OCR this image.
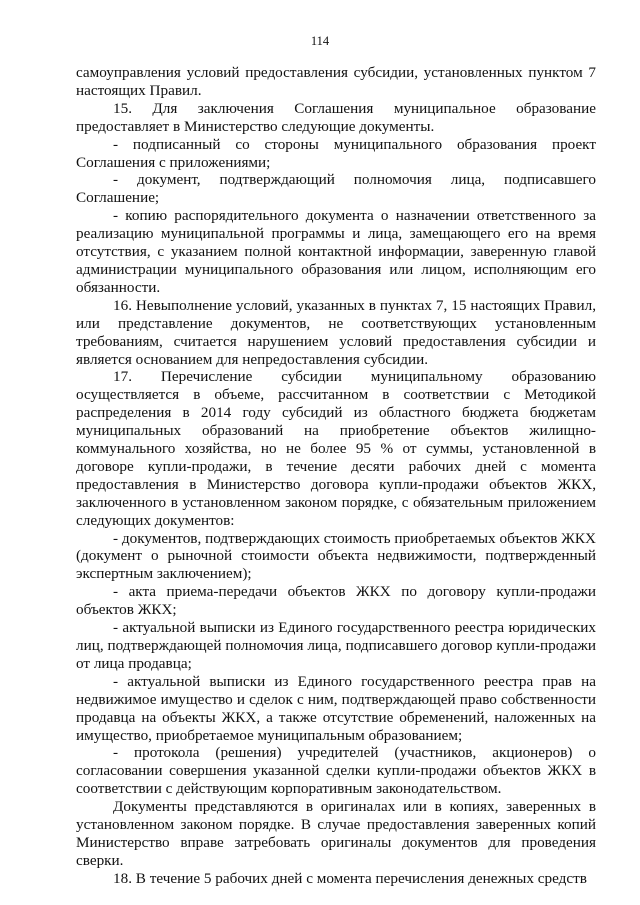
114

самоуправления условий предоставления субсидии, установленных пунктом 7 настоящих Правил.

15. Для заключения Соглашения муниципальное образование предоставляет в Министерство следующие документы.

- подписанный со стороны муниципального образования проект Соглашения с приложениями;

- документ, подтверждающий полномочия лица, подписавшего Соглашение;

- копию распорядительного документа о назначении ответственного за реализацию муниципальной программы и лица, замещающего его на время отсутствия, с указанием полной контактной информации, заверенную главой администрации муниципального образования или лицом, исполняющим его обязанности.

16. Невыполнение условий, указанных в пунктах 7, 15 настоящих Правил, или представление документов, не соответствующих установленным требованиям, считается нарушением условий предоставления субсидии и является основанием для непредоставления субсидии.

17. Перечисление субсидии муниципальному образованию осуществляется в объеме, рассчитанном в соответствии с Методикой распределения в 2014 году субсидий из областного бюджета бюджетам муниципальных образований на приобретение объектов жилищно-коммунального хозяйства, но не более 95 % от суммы, установленной в договоре купли-продажи, в течение десяти рабочих дней с момента предоставления в Министерство договора купли-продажи объектов ЖКХ, заключенного в установленном законом порядке, с обязательным приложением следующих документов:

- документов, подтверждающих стоимость приобретаемых объектов ЖКХ (документ о рыночной стоимости объекта недвижимости, подтвержденный экспертным заключением);

- акта приема-передачи объектов ЖКХ по договору купли-продажи объектов ЖКХ;

- актуальной выписки из Единого государственного реестра юридических лиц, подтверждающей полномочия лица, подписавшего договор купли-продажи от лица продавца;

- актуальной выписки из Единого государственного реестра прав на недвижимое имущество и сделок с ним, подтверждающей право собственности продавца на объекты ЖКХ, а также отсутствие обременений, наложенных на имущество, приобретаемое муниципальным образованием;

- протокола (решения) учредителей (участников, акционеров) о согласовании совершения указанной сделки купли-продажи объектов ЖКХ в соответствии с действующим корпоративным законодательством.

Документы представляются в оригиналах или в копиях, заверенных в установленном законом порядке. В случае предоставления заверенных копий Министерство вправе затребовать оригиналы документов для проведения сверки.

18. В течение 5 рабочих дней с момента перечисления денежных средств
